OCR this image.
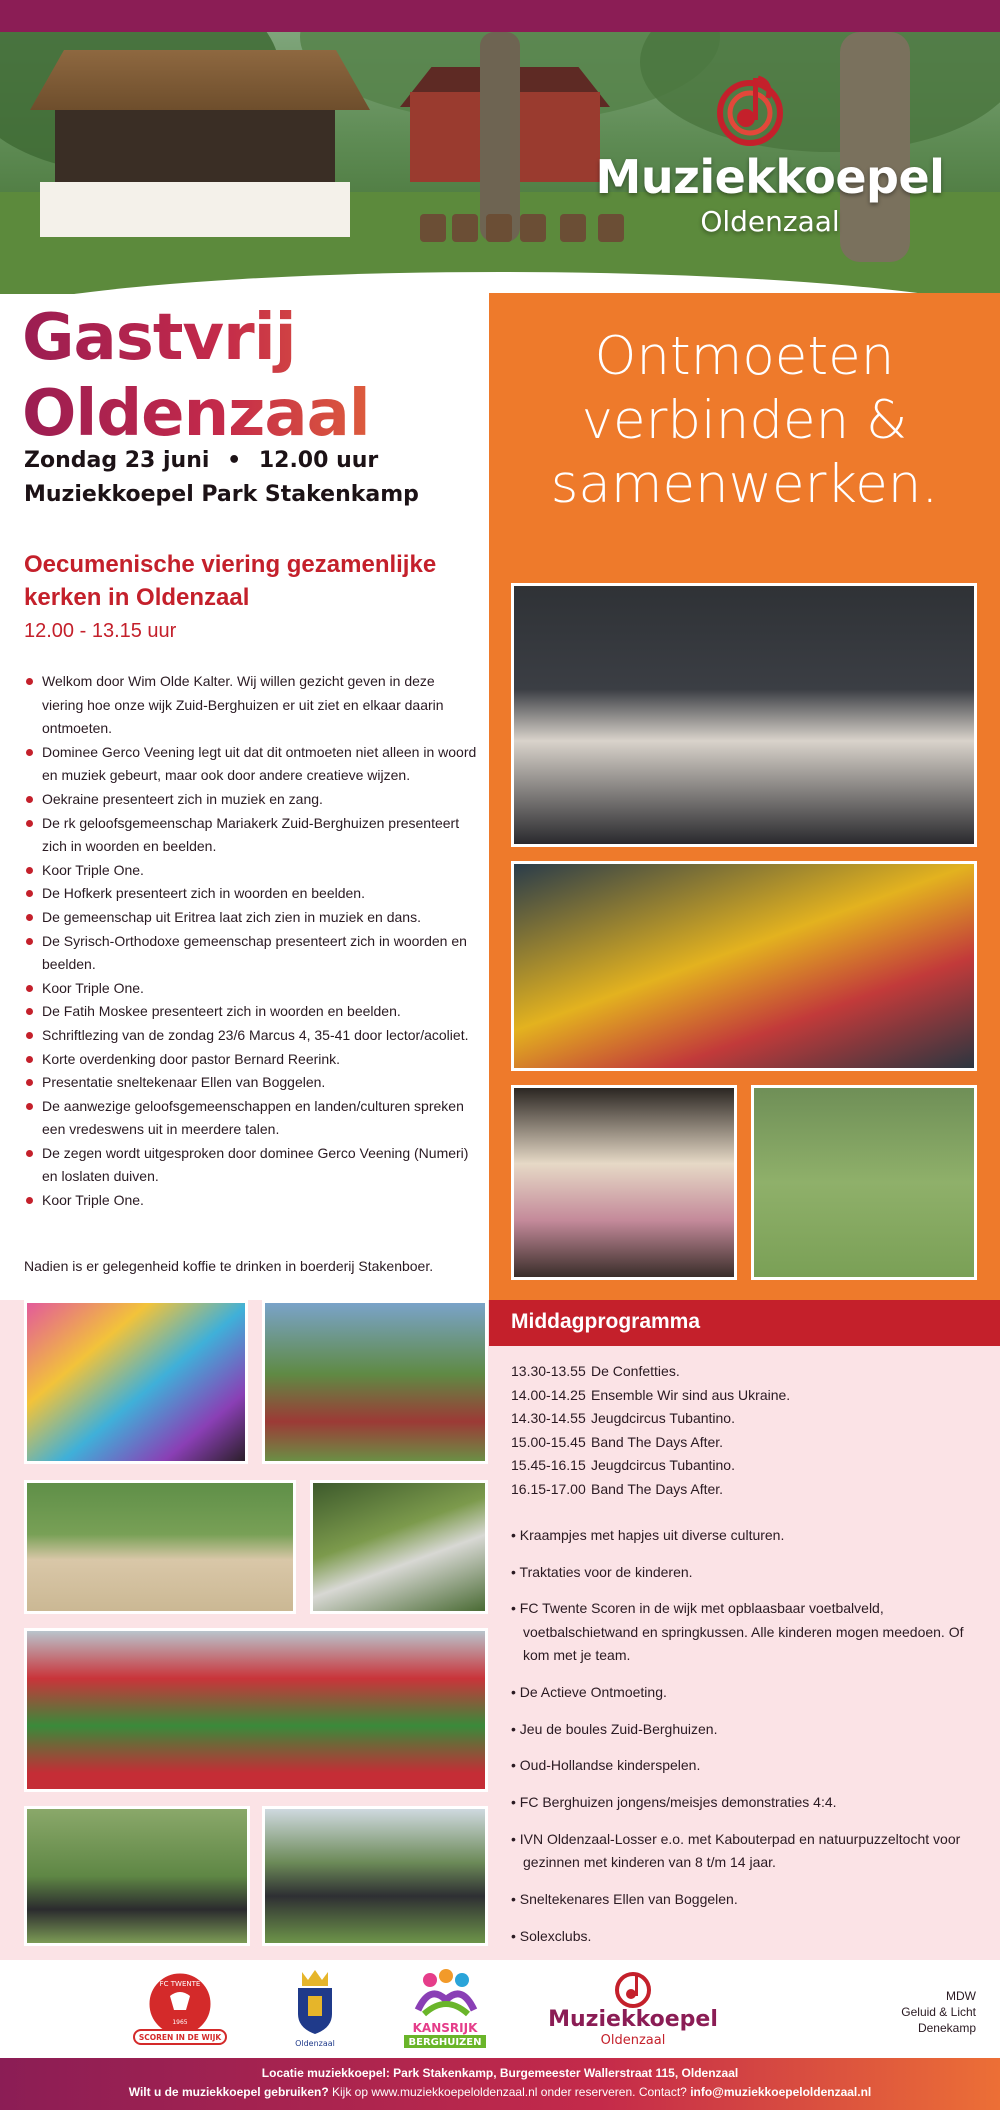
Muziekkoepel
Oldenzaal
Ontmoeten
verbinden &
samenwerken.
Gastvrij
Oldenzaal
Zondag 23 juni • 12.00 uur
Muziekkoepel Park Stakenkamp
Oecumenische viering gezamenlijke kerken in Oldenzaal
12.00 - 13.15 uur
Welkom door Wim Olde Kalter. Wij willen gezicht geven in deze viering hoe onze wijk Zuid-Berghuizen er uit ziet en elkaar daarin ontmoeten.
Dominee Gerco Veening legt uit dat dit ontmoeten niet alleen in woord en muziek gebeurt, maar ook door andere creatieve wijzen.
Oekraine presenteert zich in muziek en zang.
De rk geloofsgemeenschap Mariakerk Zuid-Berghuizen presenteert zich in woorden en beelden.
Koor Triple One.
De Hofkerk presenteert zich in woorden en beelden.
De gemeenschap uit Eritrea laat zich zien in muziek en dans.
De Syrisch-Orthodoxe gemeenschap presenteert zich in woorden en beelden.
Koor Triple One.
De Fatih Moskee presenteert zich in woorden en beelden.
Schriftlezing van de zondag 23/6 Marcus 4, 35-41 door lector/acoliet.
Korte overdenking door pastor Bernard Reerink.
Presentatie sneltekenaar Ellen van Boggelen.
De aanwezige geloofsgemeenschappen en landen/culturen spreken een vredeswens uit in meerdere talen.
De zegen wordt uitgesproken door dominee Gerco Veening (Numeri) en loslaten duiven.
Koor Triple One.
Nadien is er gelegenheid koffie te drinken in boerderij Stakenboer.
Middagprogramma
13.30-13.55 De Confetties.
14.00-14.25 Ensemble Wir sind aus Ukraine.
14.30-14.55 Jeugdcircus Tubantino.
15.00-15.45 Band The Days After.
15.45-16.15 Jeugdcircus Tubantino.
16.15-17.00 Band The Days After.
• Kraampjes met hapjes uit diverse culturen.
• Traktaties voor de kinderen.
• FC Twente Scoren in de wijk met opblaasbaar voetbalveld, voetbalschietwand en springkussen. Alle kinderen mogen meedoen. Of kom met je team.
• De Actieve Ontmoeting.
• Jeu de boules Zuid-Berghuizen.
• Oud-Hollandse kinderspelen.
• FC Berghuizen jongens/meisjes demonstraties 4:4.
• IVN Oldenzaal-Losser e.o. met Kabouterpad en natuurpuzzeltocht voor gezinnen met kinderen van 8 t/m 14 jaar.
• Sneltekenares Ellen van Boggelen.
• Solexclubs.
FC TWENTE
1965
SCOREN IN DE WIJK
Oldenzaal
KANSRIJK
BERGHUIZEN
Muziekkoepel
Oldenzaal
MDW
Geluid & Licht
Denekamp
Locatie muziekkoepel: Park Stakenkamp, Burgemeester Wallerstraat 115, Oldenzaal
Wilt u de muziekkoepel gebruiken? Kijk op www.muziekkoepeloldenzaal.nl onder reserveren. Contact? info@muziekkoepeloldenzaal.nl
